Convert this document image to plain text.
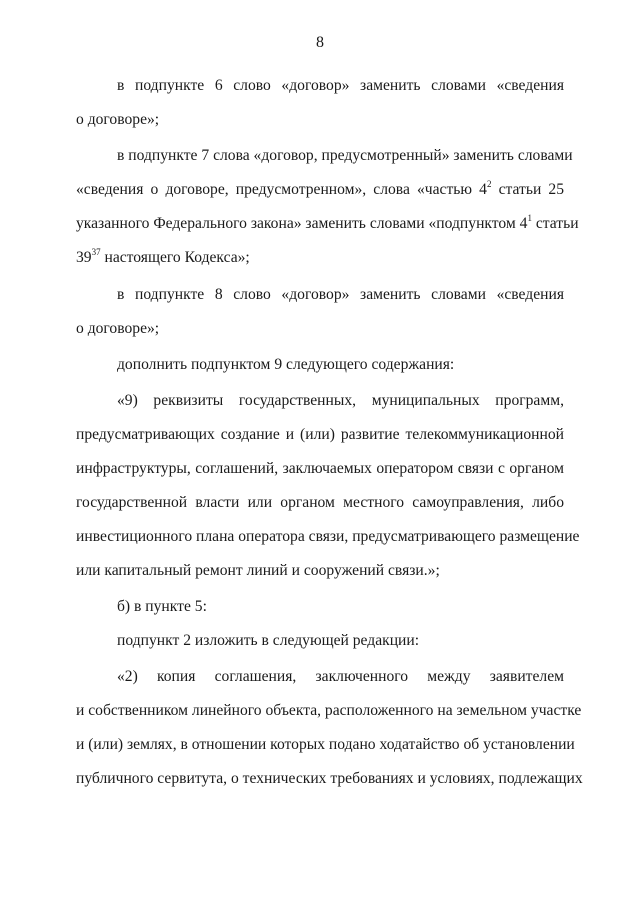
8
в подпункте 6 слово «договор» заменить словами «сведения
о договоре»;
в подпункте 7 слова «договор, предусмотренный» заменить словами
«сведения о договоре, предусмотренном», слова «частью $4^2$ статьи 25
указанного Федерального закона» заменить словами «подпунктом $4^1$ статьи
$39^{37}$ настоящего Кодекса»;
в подпункте 8 слово «договор» заменить словами «сведения
о договоре»;
дополнить подпунктом 9 следующего содержания:
«9) реквизиты государственных, муниципальных программ,
предусматривающих создание и (или) развитие телекоммуникационной
инфраструктуры, соглашений, заключаемых оператором связи с органом
государственной власти или органом местного самоуправления, либо
инвестиционного плана оператора связи, предусматривающего размещение
или капитальный ремонт линий и сооружений связи.»;
б) в пункте 5:
подпункт 2 изложить в следующей редакции:
«2) копия соглашения, заключенного между заявителем
и собственником линейного объекта, расположенного на земельном участке
и (или) землях, в отношении которых подано ходатайство об установлении
публичного сервитута, о технических требованиях и условиях, подлежащих
